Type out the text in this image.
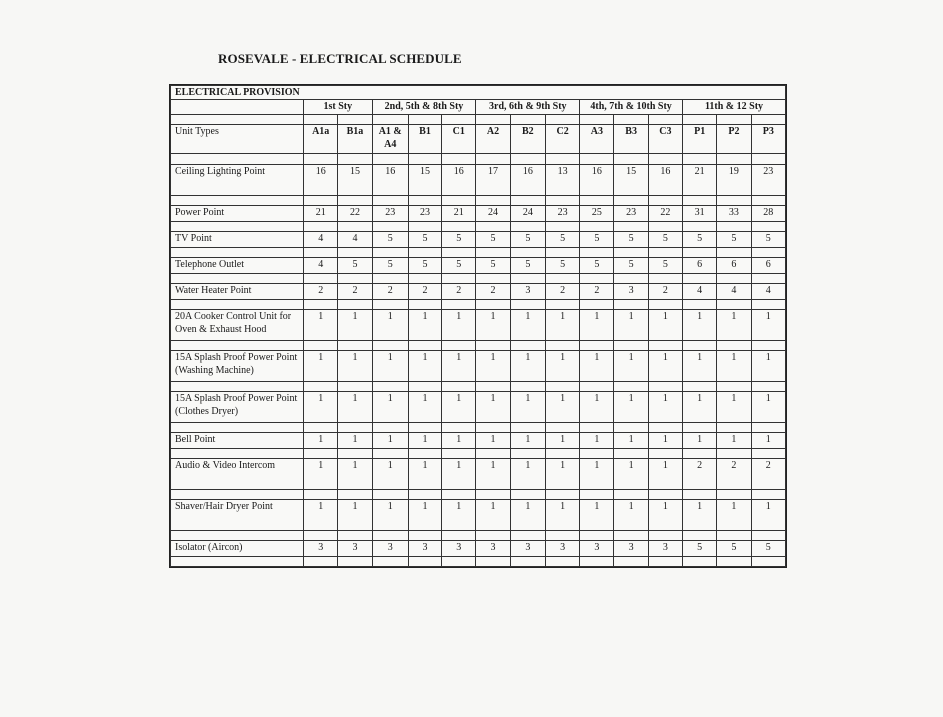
ROSEVALE - ELECTRICAL SCHEDULE
ELECTRICAL PROVISION														
	1st Sty		2nd, 5th & 8th Sty			3rd, 6th & 9th Sty			4th, 7th & 10th Sty			11th & 12 Sty		

Unit Types	A1a	B1a	A1 & A4	B1	C1	A2	B2	C2	A3	B3	C3	P1	P2	P3

Ceiling Lighting Point	16	15	16	15	16	17	16	13	16	15	16	21	19	23

Power Point	21	22	23	23	21	24	24	23	25	23	22	31	33	28

TV Point	4	4	5	5	5	5	5	5	5	5	5	5	5	5

Telephone Outlet	4	5	5	5	5	5	5	5	5	5	5	6	6	6

Water Heater Point	2	2	2	2	2	2	3	2	2	3	2	4	4	4

20A Cooker Control Unit for Oven & Exhaust Hood	1	1	1	1	1	1	1	1	1	1	1	1	1	1

15A Splash Proof Power Point (Washing Machine)	1	1	1	1	1	1	1	1	1	1	1	1	1	1

15A Splash Proof Power Point (Clothes Dryer)	1	1	1	1	1	1	1	1	1	1	1	1	1	1

Bell Point	1	1	1	1	1	1	1	1	1	1	1	1	1	1

Audio & Video Intercom	1	1	1	1	1	1	1	1	1	1	1	2	2	2

Shaver/Hair Dryer Point	1	1	1	1	1	1	1	1	1	1	1	1	1	1

Isolator (Aircon)	3	3	3	3	3	3	3	3	3	3	3	5	5	5
